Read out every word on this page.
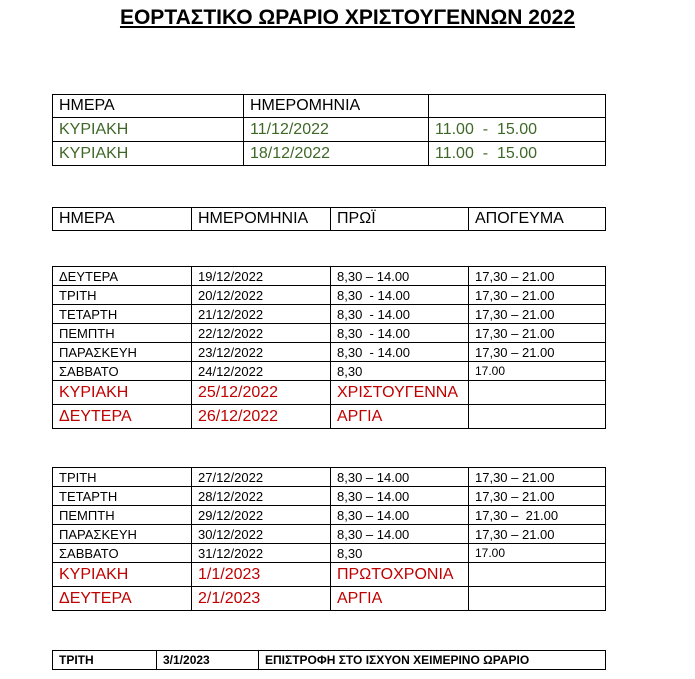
ΕΟΡΤΑΣΤΙΚΟ ΩΡΑΡΙΟ ΧΡΙΣΤΟΥΓΕΝΝΩΝ 2022
ΗΜΕΡΑ	ΗΜΕΡΟΜΗΝΙΑ	
ΚΥΡΙΑΚΗ	11/12/2022	11.00  -  15.00
ΚΥΡΙΑΚΗ	18/12/2022	11.00  -  15.00
ΗΜΕΡΑ	ΗΜΕΡΟΜΗΝΙΑ	ΠΡΩΪ	ΑΠΟΓΕΥΜΑ
ΔΕΥΤΕΡΑ	19/12/2022	8,30 – 14.00	17,30 – 21.00
ΤΡΙΤΗ	20/12/2022	8,30  - 14.00	17,30 – 21.00
ΤΕΤΑΡΤΗ	21/12/2022	8,30  - 14.00	17,30 – 21.00
ΠΕΜΠΤΗ	22/12/2022	8,30  - 14.00	17,30 – 21.00
ΠΑΡΑΣΚΕΥΗ	23/12/2022	8,30  - 14.00	17,30 – 21.00
ΣΑΒΒΑΤΟ	24/12/2022	8,30	17.00
ΚΥΡΙΑΚΗ	25/12/2022	ΧΡΙΣΤΟΥΓΕΝΝΑ	
ΔΕΥΤΕΡΑ	26/12/2022	ΑΡΓΙΑ	
ΤΡΙΤΗ	27/12/2022	8,30 – 14.00	17,30 – 21.00
ΤΕΤΑΡΤΗ	28/12/2022	8,30 – 14.00	17,30 – 21.00
ΠΕΜΠΤΗ	29/12/2022	8,30 – 14.00	17,30 –  21.00
ΠΑΡΑΣΚΕΥΗ	30/12/2022	8,30 – 14.00	17,30 – 21.00
ΣΑΒΒΑΤΟ	31/12/2022	8,30	17.00
ΚΥΡΙΑΚΗ	1/1/2023	ΠΡΩΤΟΧΡΟΝΙΑ	
ΔΕΥΤΕΡΑ	2/1/2023	ΑΡΓΙΑ	
ΤΡΙΤΗ	3/1/2023	ΕΠΙΣΤΡΟΦΗ ΣΤΟ ΙΣΧΥΟΝ ΧΕΙΜΕΡΙΝΟ ΩΡΑΡΙΟ
